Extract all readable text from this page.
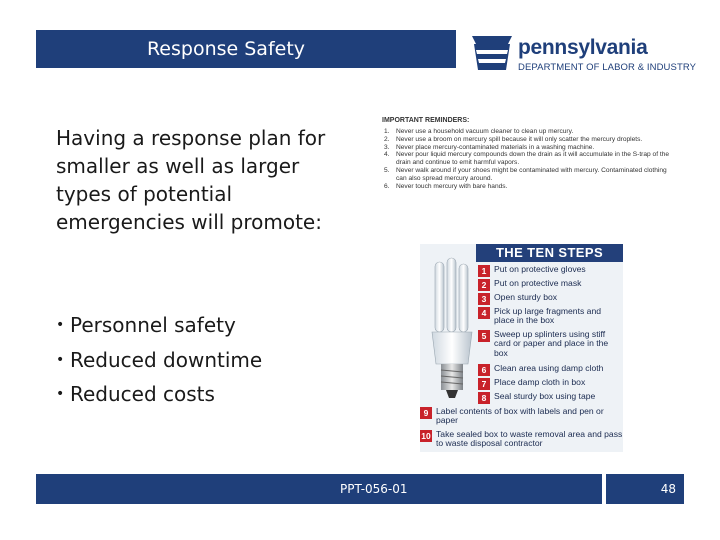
Response Safety	pennsylvania
DEPARTMENT OF LABOR & INDUSTRY

Having a response plan for smaller as well as larger types of potential emergencies will promote:

• Personnel safety
• Reduced downtime
• Reduced costs
IMPORTANT REMINDERS:
1. Never use a household vacuum cleaner to clean up mercury.
2. Never use a broom on mercury spill because it will only scatter the mercury droplets.
3. Never place mercury-contaminated materials in a washing machine.
4. Never pour liquid mercury compounds down the drain as it will accumulate in the S-trap of the drain and continue to emit harmful vapors.
5. Never walk around if your shoes might be contaminated with mercury. Contaminated clothing can also spread mercury around.
6. Never touch mercury with bare hands.
THE TEN STEPS
1 Put on protective gloves
2 Put on protective mask
3 Open sturdy box
4 Pick up large fragments and place in the box
5 Sweep up splinters using stiff card or paper and place in the box
6 Clean area using damp cloth
7 Place damp cloth in box
8 Seal sturdy box using tape
9 Label contents of box with labels and pen or paper
10 Take sealed box to waste removal area and pass to waste disposal contractor
PPT-056-01	48
